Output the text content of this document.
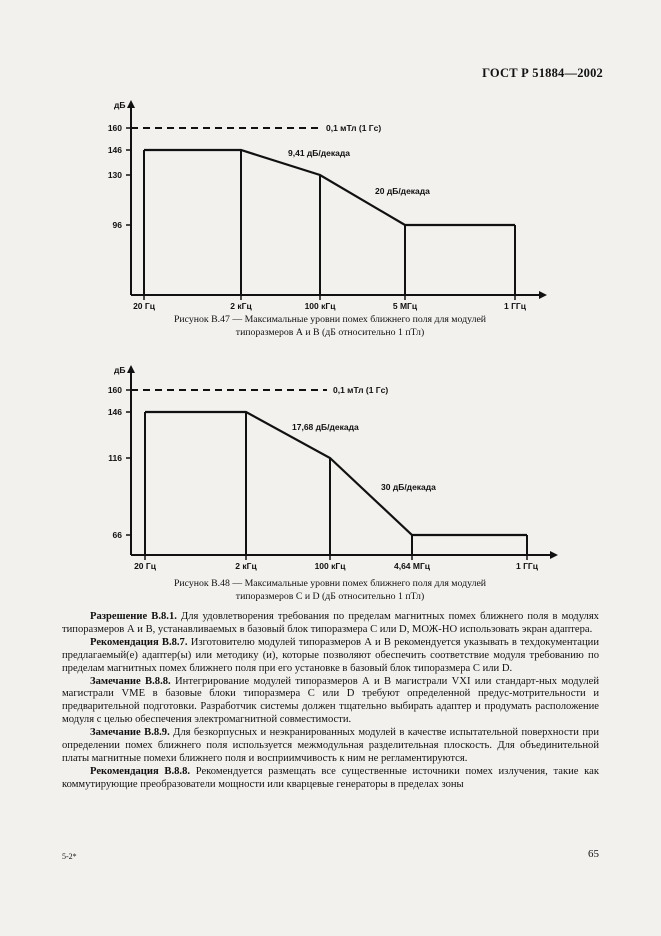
ГОСТ Р 51884—2002
дБ
160
146
130
96
20 Гц	2 кГц	100 кГц	5 МГц	1 ГГц
0,1 мТл (1 Гс)
9,41 дБ/декада
20 дБ/декада
Рисунок В.47 — Максимальные уровни помех ближнего поля для модулей
типоразмеров А и В (дБ относительно 1 пТл)
дБ
160
146
116
66
20 Гц	2 кГц	100 кГц	4,64 МГц	1 ГГц
0,1 мТл (1 Гс)
17,68 дБ/декада
30 дБ/декада
Рисунок В.48 — Максимальные уровни помех ближнего поля для модулей
типоразмеров С и D (дБ относительно 1 пТл)

Разрешение В.8.1. Для удовлетворения требования по пределам магнитных помех ближнего поля в модулях типоразмеров А и В, устанавливаемых в базовый блок типоразмера С или D, МОЖ-НО использовать экран адаптера.

Рекомендация В.8.7. Изготовителю модулей типоразмеров А и В рекомендуется указывать в техдокументации предлагаемый(е) адаптер(ы) или методику (и), которые позволяют обеспечить соответствие модуля требованию по пределам магнитных помех ближнего поля при его установке в базовый блок типоразмера С или D.

Замечание В.8.8. Интегрирование модулей типоразмеров А и В магистрали VXI или стандарт-ных модулей магистрали VME в базовые блоки типоразмера С или D требуют определенной предус-мотрительности и предварительной подготовки. Разработчик системы должен тщательно выбирать адаптер и продумать расположение модуля с целью обеспечения электромагнитной совместимости.

Замечание В.8.9. Для безкорпусных и неэкранированных модулей в качестве испытательной поверхности при определении помех ближнего поля используется межмодульная разделительная плоскость. Для объединительной платы магнитные помехи ближнего поля и восприимчивость к ним не регламентируются.

Рекомендация В.8.8. Рекомендуется размещать все существенные источники помех излучения, такие как коммутирующие преобразователи мощности или кварцевые генераторы в пределах зоны

5-2*	65
